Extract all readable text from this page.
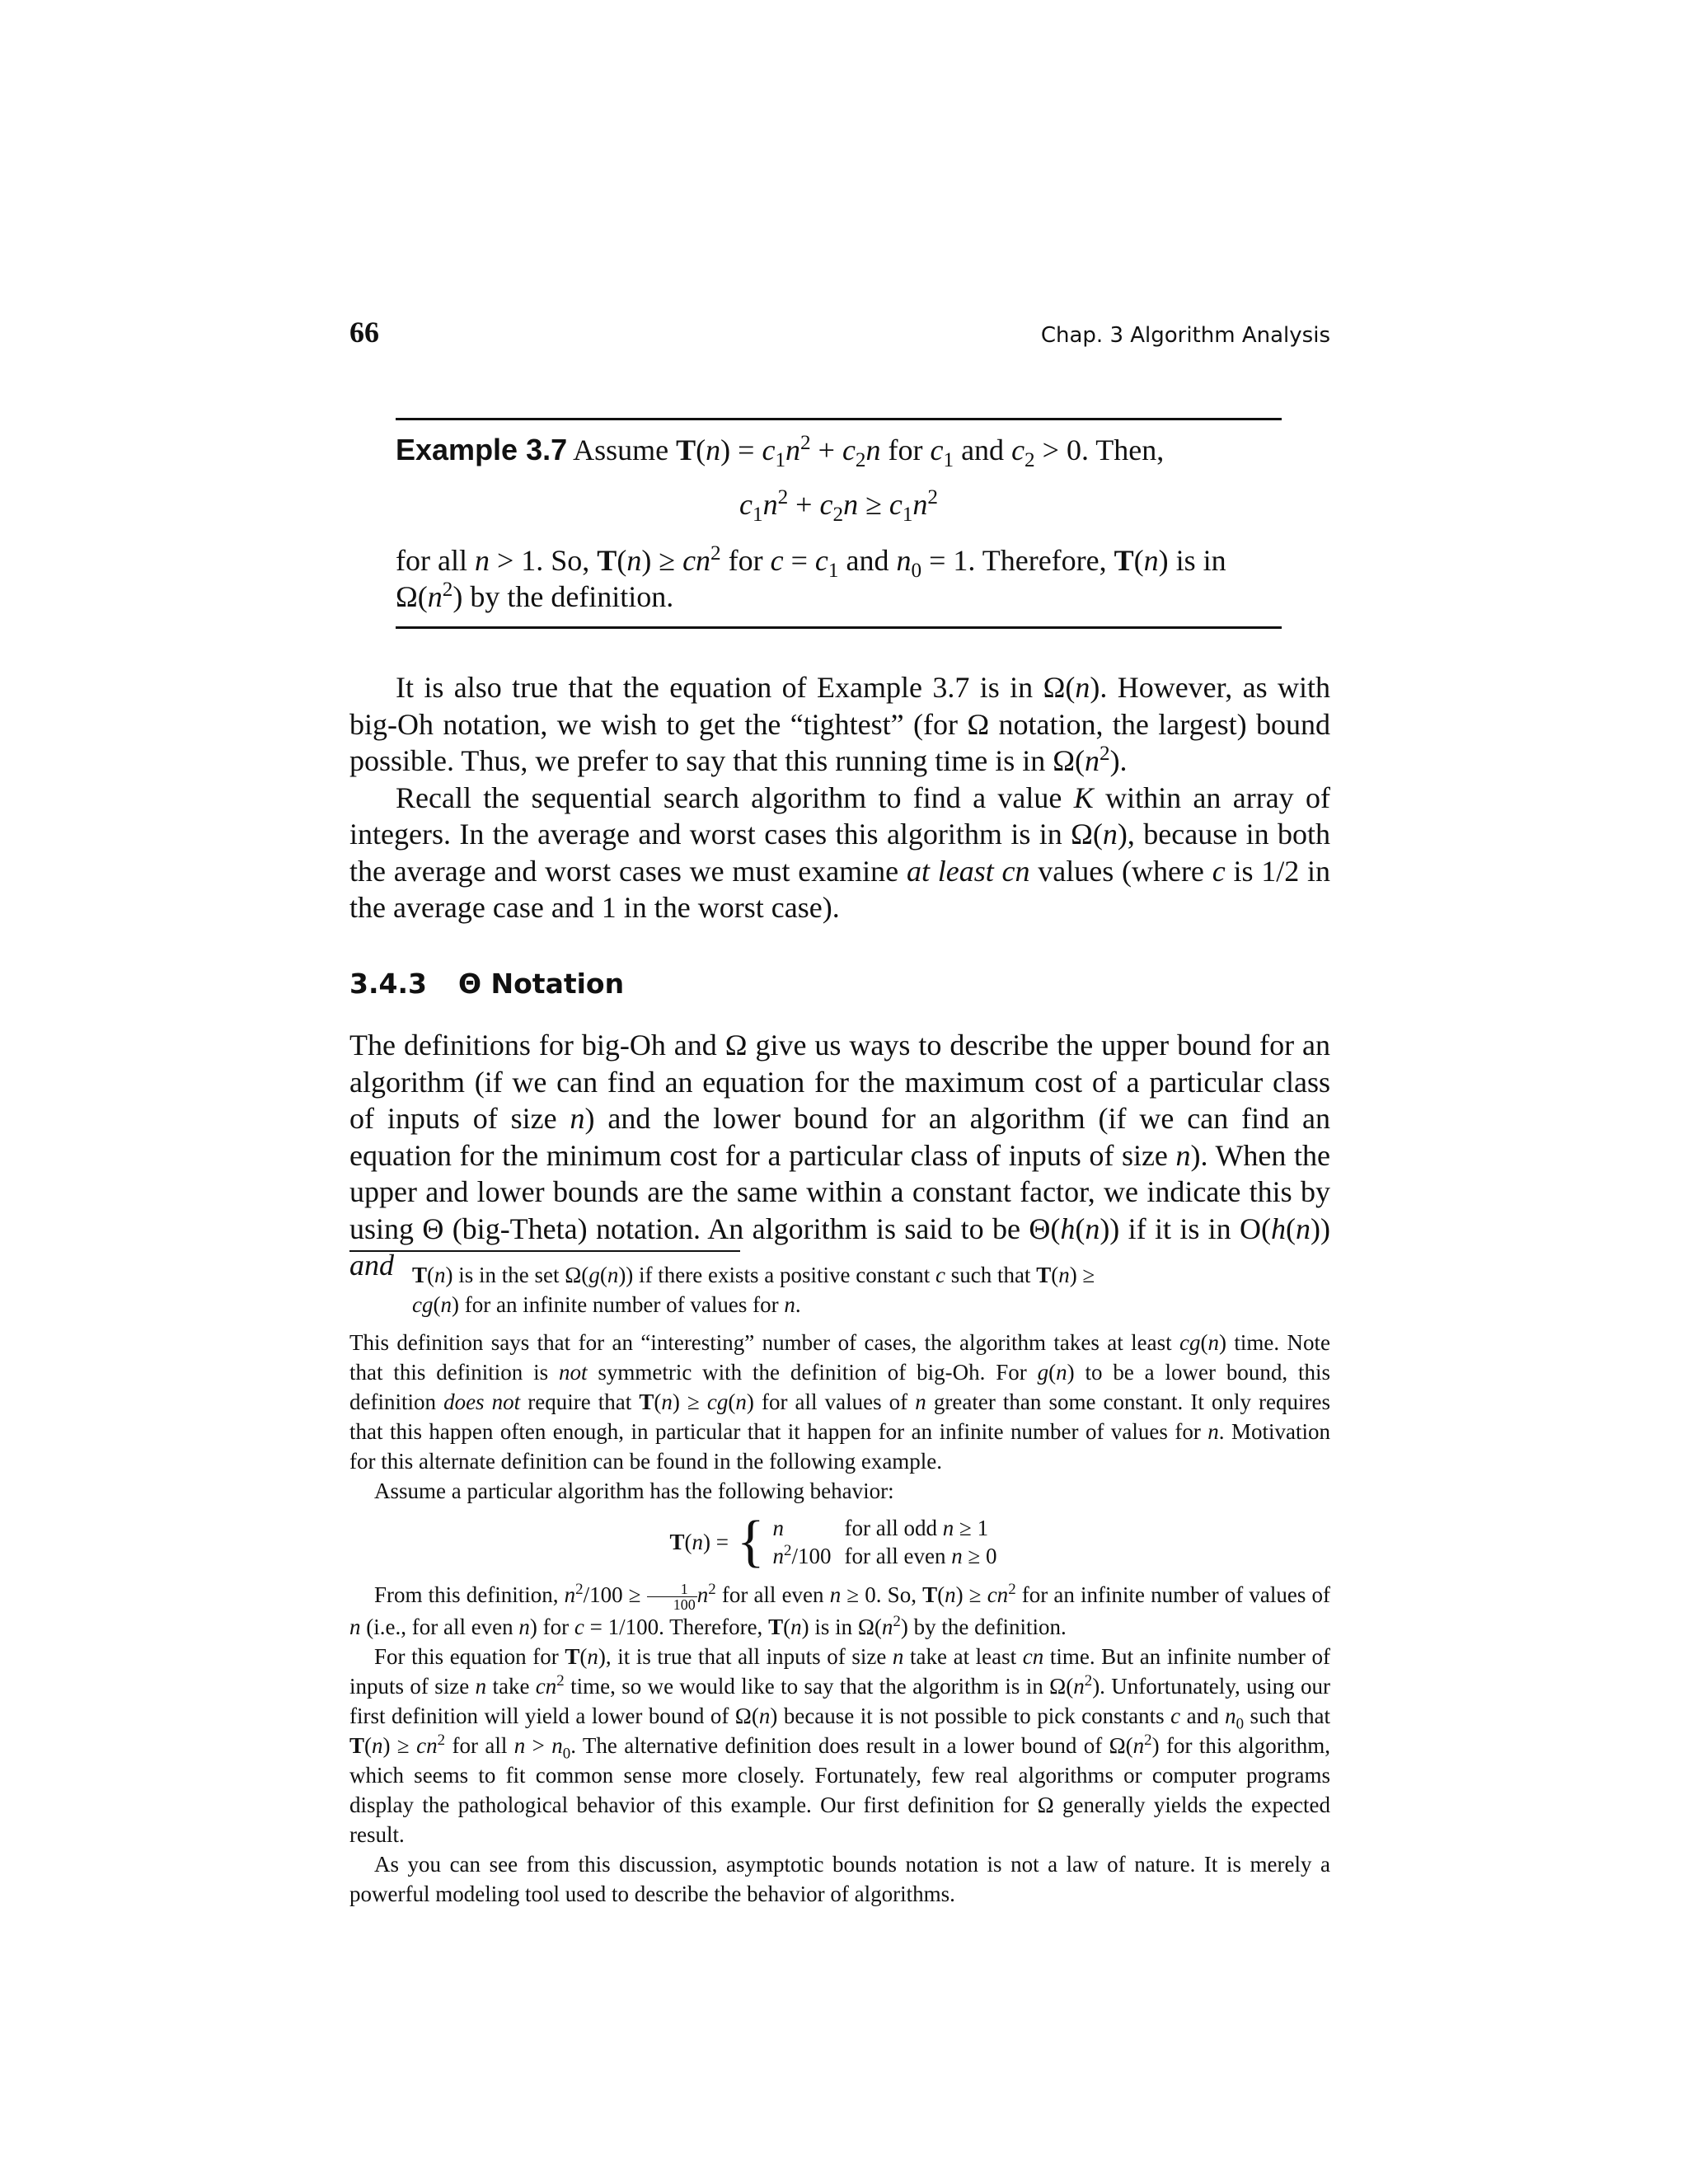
66	Chap. 3 Algorithm Analysis
Example 3.7 Assume $T(n) = c_1n^2 + c_2n$ for $c_1$ and $c_2 > 0$. Then,
$c_1n^2 + c_2n \ge c_1n^2$
for all n > 1. So, $T(n) \ge cn^2$ for $c = c_1$ and $n_0 = 1$. Therefore, T(n) is in $\Omega(n^2)$ by the definition.

It is also true that the equation of Example 3.7 is in Ω(n). However, as with big-Oh notation, we wish to get the “tightest” (for Ω notation, the largest) bound possible. Thus, we prefer to say that this running time is in $\Omega(n^2)$.

Recall the sequential search algorithm to find a value K within an array of integers. In the average and worst cases this algorithm is in Ω(n), because in both the average and worst cases we must examine at least cn values (where c is 1/2 in the average case and 1 in the worst case).

3.4.3 Θ Notation

The definitions for big-Oh and Ω give us ways to describe the upper bound for an algorithm (if we can find an equation for the maximum cost of a particular class of inputs of size n) and the lower bound for an algorithm (if we can find an equation for the minimum cost for a particular class of inputs of size n). When the upper and lower bounds are the same within a constant factor, we indicate this by using Θ (big-Theta) notation. An algorithm is said to be Θ(h(n)) if it is in O(h(n)) and T(n) is in the set Ω(g(n)) if there exists a positive constant c such that T(n) ≥
cg(n) for an infinite number of values for n.

This definition says that for an “interesting” number of cases, the algorithm takes at least cg(n) time. Note that this definition is not symmetric with the definition of big-Oh. For g(n) to be a lower bound, this definition does not require that T(n) ≥ cg(n) for all values of n greater than some constant. It only requires that this happen often enough, in particular that it happen for an infinite number of values for n. Motivation for this alternate definition can be found in the following example.

Assume a particular algorithm has the following behavior:

T(n) = { n	for all odd n ≥ 1
$n^2/100$	for all even n ≥ 0

From this definition, $n^2/100 \ge \frac{1}{100} n^2$ for all even n ≥ 0. So, $T(n) \ge cn^2$ for an infinite number of values of n (i.e., for all even n) for c = 1/100. Therefore, T(n) is in $\Omega(n^2)$ by the definition.

For this equation for T(n), it is true that all inputs of size n take at least cn time. But an infinite number of inputs of size n take $cn^2$ time, so we would like to say that the algorithm is in $\Omega(n^2)$. Unfortunately, using our first definition will yield a lower bound of Ω(n) because it is not possible to pick constants c and $n_0$ such that $T(n) \ge cn^2$ for all $n > n_0$. The alternative definition does result in a lower bound of $\Omega(n^2)$ for this algorithm, which seems to fit common sense more closely. Fortunately, few real algorithms or computer programs display the pathological behavior of this example. Our first definition for Ω generally yields the expected result.

As you can see from this discussion, asymptotic bounds notation is not a law of nature. It is merely a powerful modeling tool used to describe the behavior of algorithms.
